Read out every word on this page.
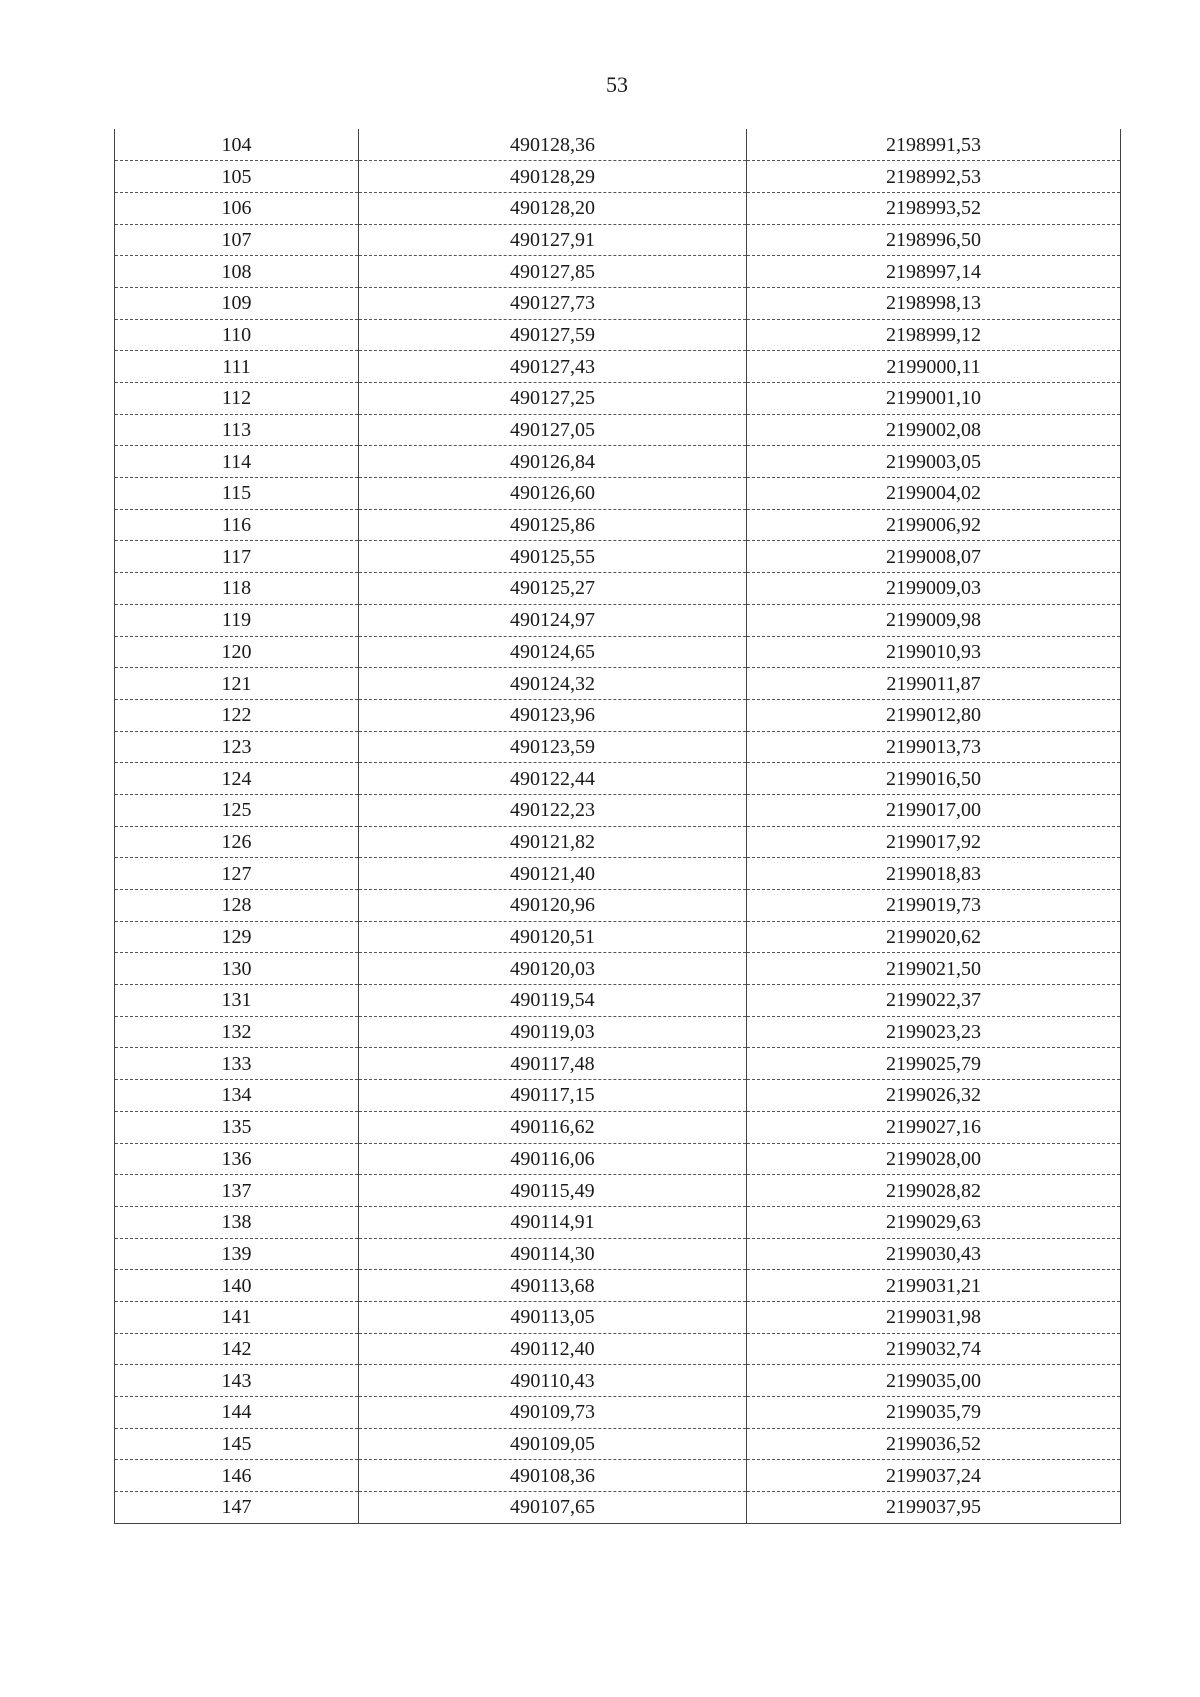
53
104	490128,36	2198991,53
105	490128,29	2198992,53
106	490128,20	2198993,52
107	490127,91	2198996,50
108	490127,85	2198997,14
109	490127,73	2198998,13
110	490127,59	2198999,12
111	490127,43	2199000,11
112	490127,25	2199001,10
113	490127,05	2199002,08
114	490126,84	2199003,05
115	490126,60	2199004,02
116	490125,86	2199006,92
117	490125,55	2199008,07
118	490125,27	2199009,03
119	490124,97	2199009,98
120	490124,65	2199010,93
121	490124,32	2199011,87
122	490123,96	2199012,80
123	490123,59	2199013,73
124	490122,44	2199016,50
125	490122,23	2199017,00
126	490121,82	2199017,92
127	490121,40	2199018,83
128	490120,96	2199019,73
129	490120,51	2199020,62
130	490120,03	2199021,50
131	490119,54	2199022,37
132	490119,03	2199023,23
133	490117,48	2199025,79
134	490117,15	2199026,32
135	490116,62	2199027,16
136	490116,06	2199028,00
137	490115,49	2199028,82
138	490114,91	2199029,63
139	490114,30	2199030,43
140	490113,68	2199031,21
141	490113,05	2199031,98
142	490112,40	2199032,74
143	490110,43	2199035,00
144	490109,73	2199035,79
145	490109,05	2199036,52
146	490108,36	2199037,24
147	490107,65	2199037,95
